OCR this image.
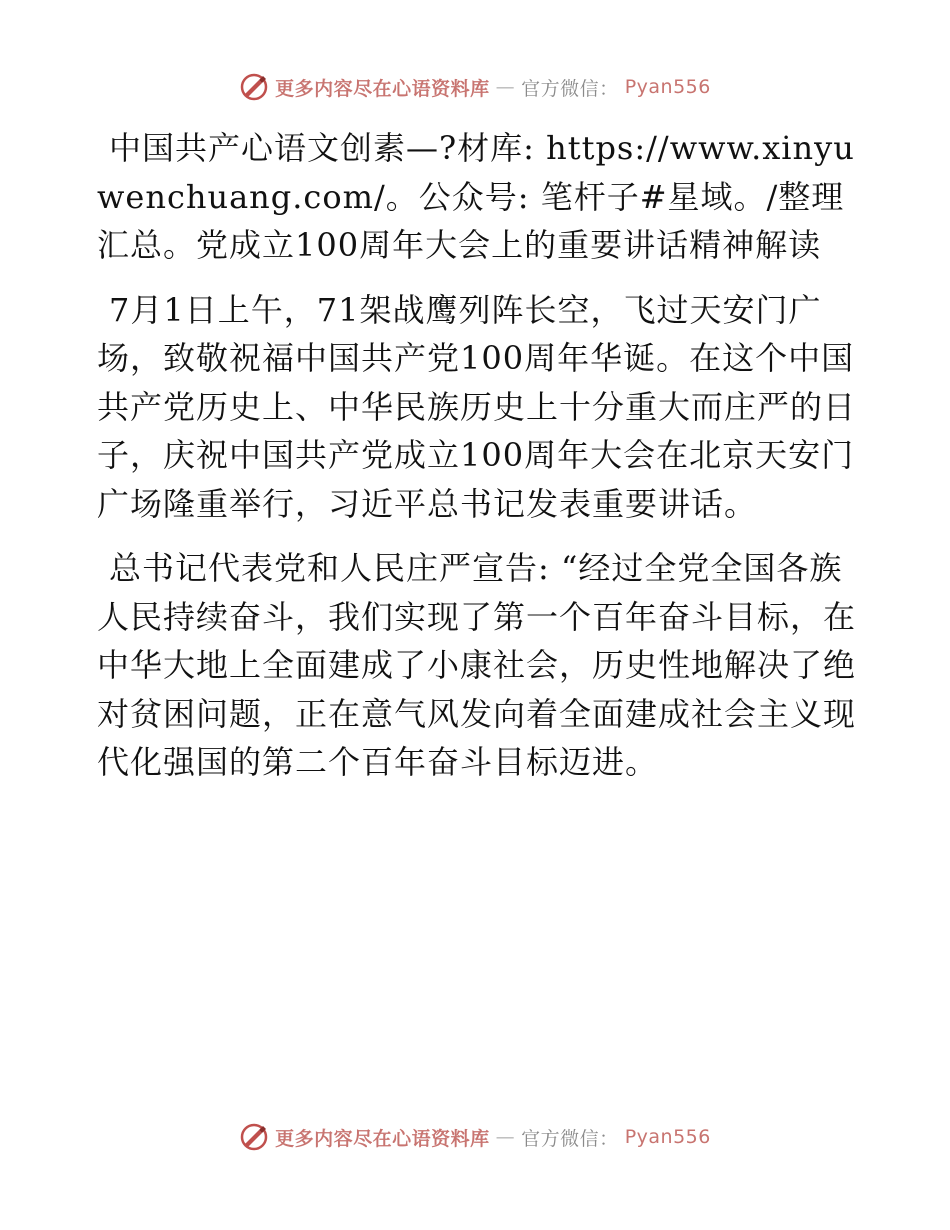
更多内容尽在心语资料库 — 官方微信： Pyan556

中国共产心语文创素—?材库: https://www.xinyuwenchuang.com/。公众号: 笔杆子#星域。/整理汇总。党成立100周年大会上的重要讲话精神解读

7月1日上午，71架战鹰列阵长空，飞过天安门广场，致敬祝福中国共产党100周年华诞。在这个中国共产党历史上、中华民族历史上十分重大而庄严的日子，庆祝中国共产党成立100周年大会在北京天安门广场隆重举行，习近平总书记发表重要讲话。

总书记代表党和人民庄严宣告: “经过全党全国各族人民持续奋斗，我们实现了第一个百年奋斗目标，在中华大地上全面建成了小康社会，历史性地解决了绝对贫困问题，正在意气风发向着全面建成社会主义现代化强国的第二个百年奋斗目标迈进。

更多内容尽在心语资料库 — 官方微信： Pyan556
